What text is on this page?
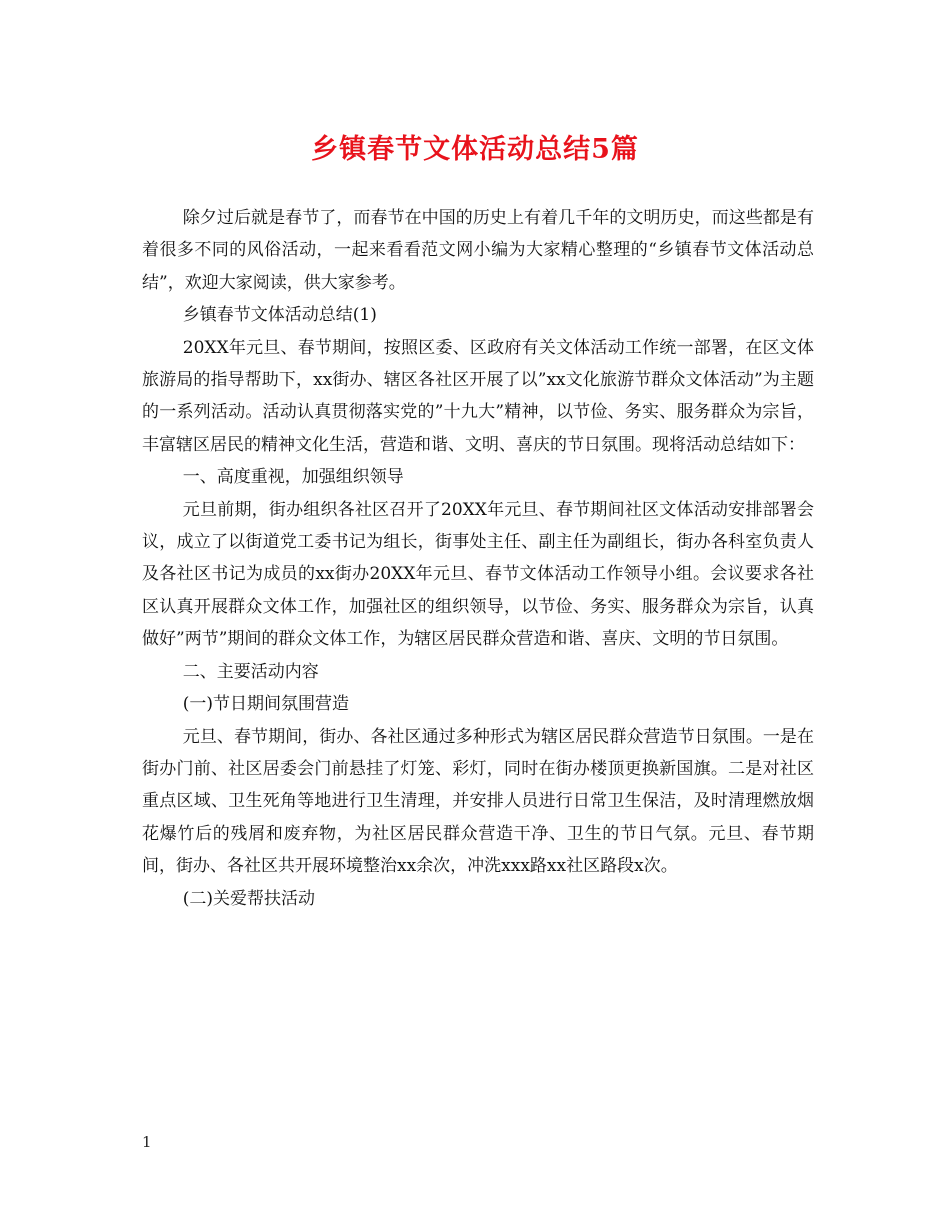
乡镇春节文体活动总结5篇

除夕过后就是春节了，而春节在中国的历史上有着几千年的文明历史，而这些都是有着很多不同的风俗活动，一起来看看范文网小编为大家精心整理的“乡镇春节文体活动总结”，欢迎大家阅读，供大家参考。

乡镇春节文体活动总结(1)

20XX年元旦、春节期间，按照区委、区政府有关文体活动工作统一部署，在区文体旅游局的指导帮助下，xx街办、辖区各社区开展了以”xx文化旅游节群众文体活动”为主题的一系列活动。活动认真贯彻落实党的”十九大”精神，以节俭、务实、服务群众为宗旨，丰富辖区居民的精神文化生活，营造和谐、文明、喜庆的节日氛围。现将活动总结如下：

一、高度重视，加强组织领导

元旦前期，街办组织各社区召开了20XX年元旦、春节期间社区文体活动安排部署会议，成立了以街道党工委书记为组长，街事处主任、副主任为副组长，街办各科室负责人及各社区书记为成员的xx街办20XX年元旦、春节文体活动工作领导小组。会议要求各社区认真开展群众文体工作，加强社区的组织领导，以节俭、务实、服务群众为宗旨，认真做好”两节”期间的群众文体工作，为辖区居民群众营造和谐、喜庆、文明的节日氛围。

二、主要活动内容

(一)节日期间氛围营造

元旦、春节期间，街办、各社区通过多种形式为辖区居民群众营造节日氛围。一是在街办门前、社区居委会门前悬挂了灯笼、彩灯，同时在街办楼顶更换新国旗。二是对社区重点区域、卫生死角等地进行卫生清理，并安排人员进行日常卫生保洁，及时清理燃放烟花爆竹后的残屑和废弃物，为社区居民群众营造干净、卫生的节日气氛。元旦、春节期间，街办、各社区共开展环境整治xx余次，冲洗xxx路xx社区路段x次。

(二)关爱帮扶活动

1
